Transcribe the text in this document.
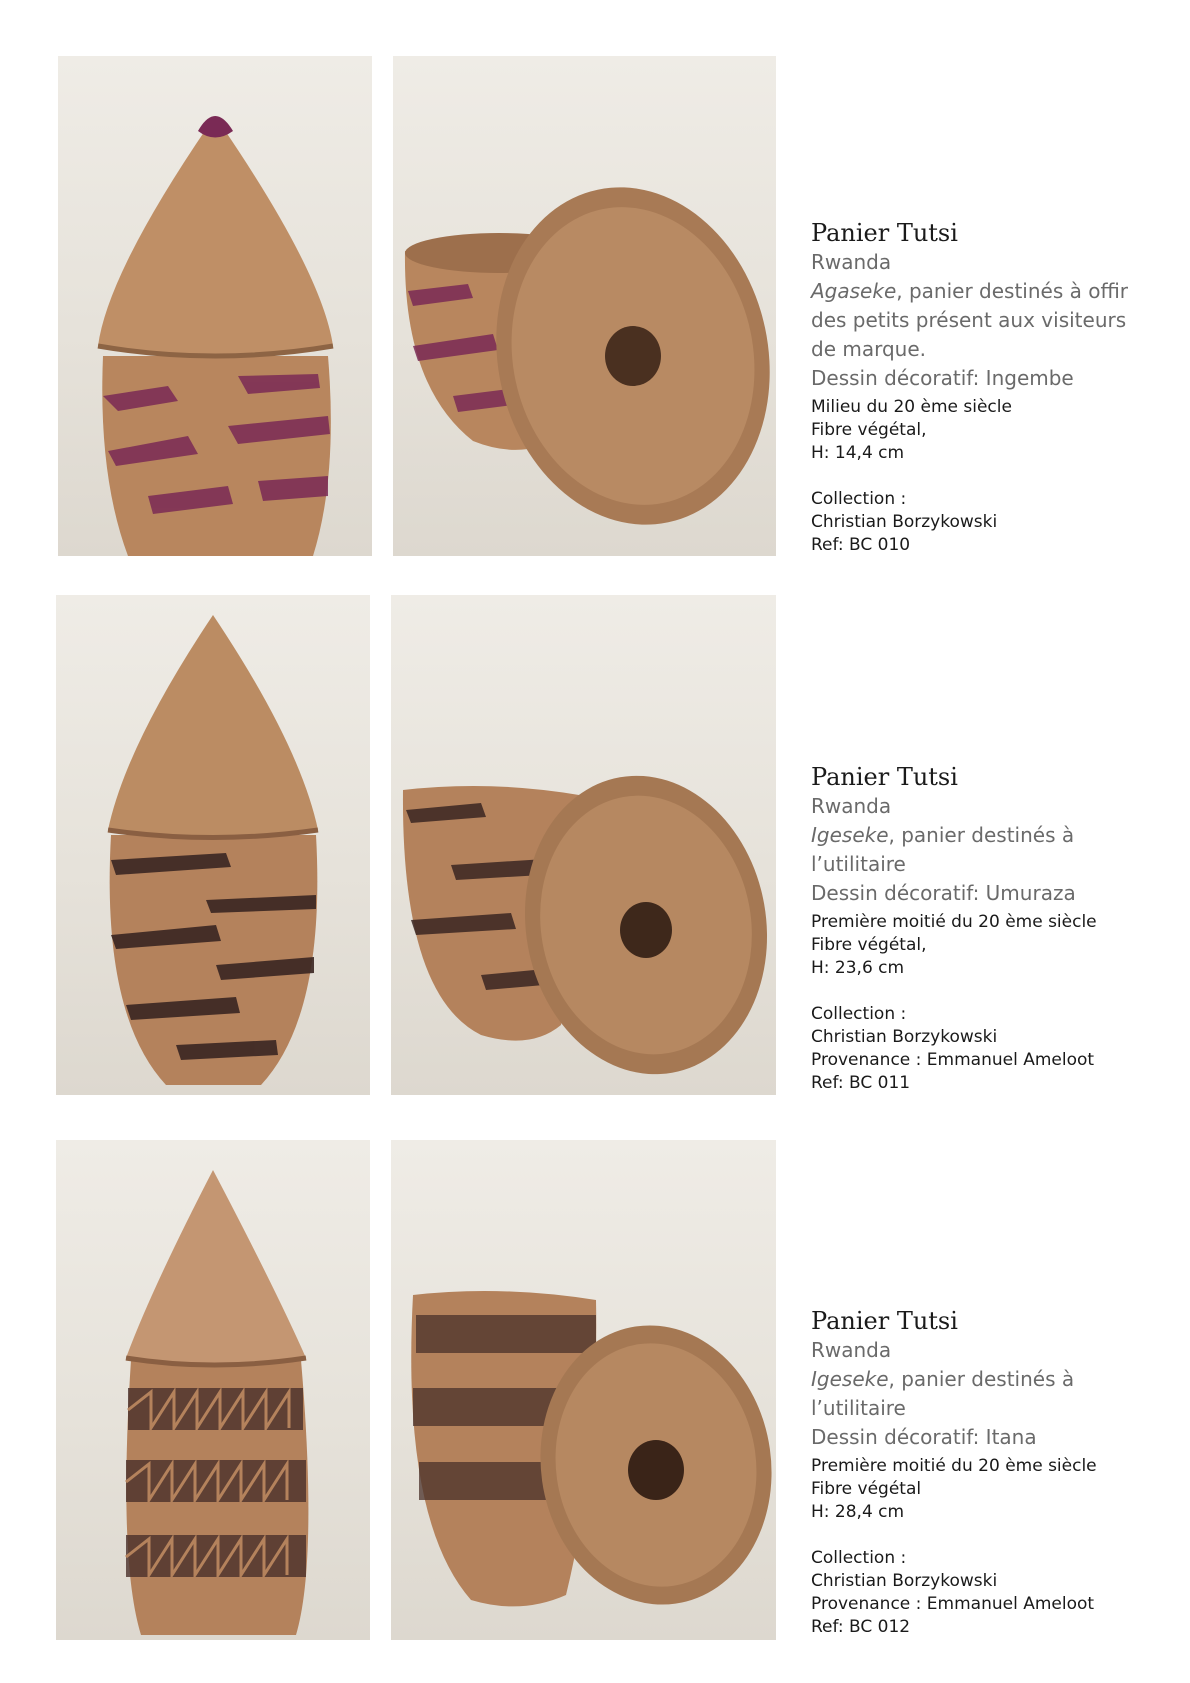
Panier Tutsi
Rwanda
Agaseke, panier destinés à offir
des petits présent aux visiteurs
de marque.
Dessin décoratif: Ingembe
Milieu du 20 ème siècle
Fibre végétal,
H: 14,4 cm
Collection :
Christian Borzykowski
Ref: BC 010
Panier Tutsi
Rwanda
Igeseke, panier destinés à
l’utilitaire
Dessin décoratif: Umuraza
Première moitié du 20 ème siècle
Fibre végétal,
H: 23,6 cm
Collection :
Christian Borzykowski
Provenance : Emmanuel Ameloot
Ref: BC 011
Panier Tutsi
Rwanda
Igeseke, panier destinés à
l’utilitaire
Dessin décoratif: Itana
Première moitié du 20 ème siècle
Fibre végétal
H: 28,4 cm
Collection :
Christian Borzykowski
Provenance : Emmanuel Ameloot
Ref: BC 012
